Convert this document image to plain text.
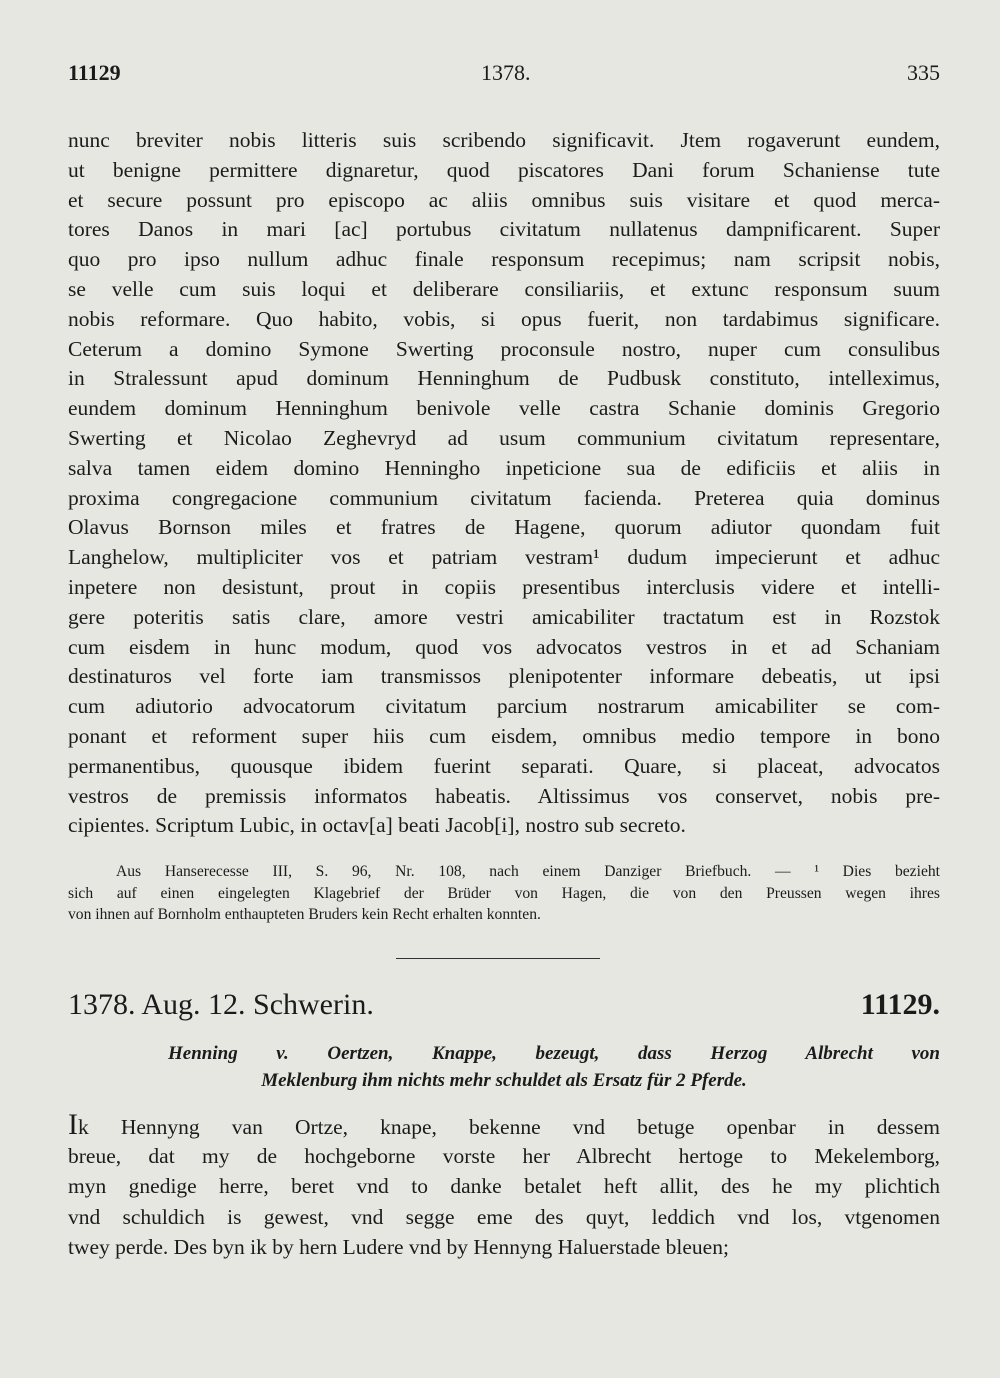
11129	1378.	335
nunc breviter nobis litteris suis scribendo significavit. Jtem rogaverunt eundem,
ut benigne permittere dignaretur, quod piscatores Dani forum Schaniense tute
et secure possunt pro episcopo ac aliis omnibus suis visitare et quod merca-
tores Danos in mari [ac] portubus civitatum nullatenus dampnificarent. Super
quo pro ipso nullum adhuc finale responsum recepimus; nam scripsit nobis,
se velle cum suis loqui et deliberare consiliariis, et extunc responsum suum
nobis reformare. Quo habito, vobis, si opus fuerit, non tardabimus significare.
Ceterum a domino Symone Swerting proconsule nostro, nuper cum consulibus
in Stralessunt apud dominum Henninghum de Pudbusk constituto, intelleximus,
eundem dominum Henninghum benivole velle castra Schanie dominis Gregorio
Swerting et Nicolao Zeghevryd ad usum communium civitatum representare,
salva tamen eidem domino Henningho inpeticione sua de edificiis et aliis in
proxima congregacione communium civitatum facienda. Preterea quia dominus
Olavus Bornson miles et fratres de Hagene, quorum adiutor quondam fuit
Langhelow, multipliciter vos et patriam vestram¹ dudum impecierunt et adhuc
inpetere non desistunt, prout in copiis presentibus interclusis videre et intelli-
gere poteritis satis clare, amore vestri amicabiliter tractatum est in Rozstok
cum eisdem in hunc modum, quod vos advocatos vestros in et ad Schaniam
destinaturos vel forte iam transmissos plenipotenter informare debeatis, ut ipsi
cum adiutorio advocatorum civitatum parcium nostrarum amicabiliter se com-
ponant et reforment super hiis cum eisdem, omnibus medio tempore in bono
permanentibus, quousque ibidem fuerint separati. Quare, si placeat, advocatos
vestros de premissis informatos habeatis. Altissimus vos conservet, nobis pre-
cipientes. Scriptum Lubic, in octav[a] beati Jacob[i], nostro sub secreto.
Aus Hanserecesse III, S. 96, Nr. 108, nach einem Danziger Briefbuch. — ¹ Dies bezieht
sich auf einen eingelegten Klagebrief der Brüder von Hagen, die von den Preussen wegen ihres
von ihnen auf Bornholm enthaupteten Bruders kein Recht erhalten konnten.
1378. Aug. 12. Schwerin.	11129.
Henning v. Oertzen, Knappe, bezeugt, dass Herzog Albrecht von
Meklenburg ihm nichts mehr schuldet als Ersatz für 2 Pferde.
Ik Hennyng van Ortze, knape, bekenne vnd betuge openbar in dessem
breue, dat my de hochgeborne vorste her Albrecht hertoge to Mekelemborg,
myn gnedige herre, beret vnd to danke betalet heft allit, des he my plichtich
vnd schuldich is gewest, vnd segge eme des quyt, leddich vnd los, vtgenomen
twey perde. Des byn ik by hern Ludere vnd by Hennyng Haluerstade bleuen;
